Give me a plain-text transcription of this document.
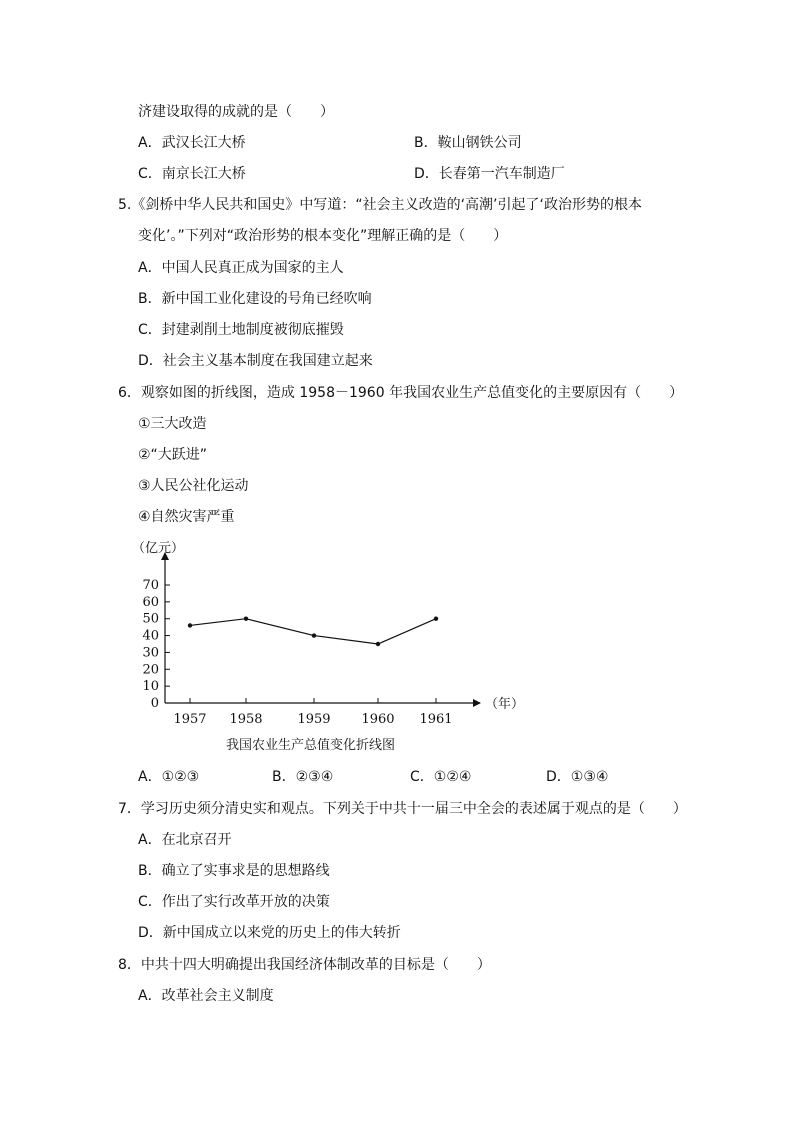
济建设取得的成就的是（　　）
A．武汉长江大桥	B．鞍山钢铁公司
C．南京长江大桥	D．长春第一汽车制造厂
5.《剑桥中华人民共和国史》中写道：“社会主义改造的‘高潮’引起了‘政治形势的根本
变化’。”下列对“政治形势的根本变化”理解正确的是（　　）
A．中国人民真正成为国家的主人
B．新中国工业化建设的号角已经吹响
C．封建剥削土地制度被彻底摧毁
D．社会主义基本制度在我国建立起来
6．观察如图的折线图，造成 1958－1960 年我国农业生产总值变化的主要原因有（　　）
①三大改造
②“大跃进”
③人民公社化运动
④自然灾害严重
（亿元）
（年）
0
10
20
30
40
50
60
70
1957 1958	1959 1960 1961
我国农业生产总值变化折线图
A．①②③	B．②③④	C．①②④	D．①③④
7．学习历史须分清史实和观点。下列关于中共十一届三中全会的表述属于观点的是（　　）
A．在北京召开
B．确立了实事求是的思想路线
C．作出了实行改革开放的决策
D．新中国成立以来党的历史上的伟大转折
8．中共十四大明确提出我国经济体制改革的目标是（　　）
A．改革社会主义制度
